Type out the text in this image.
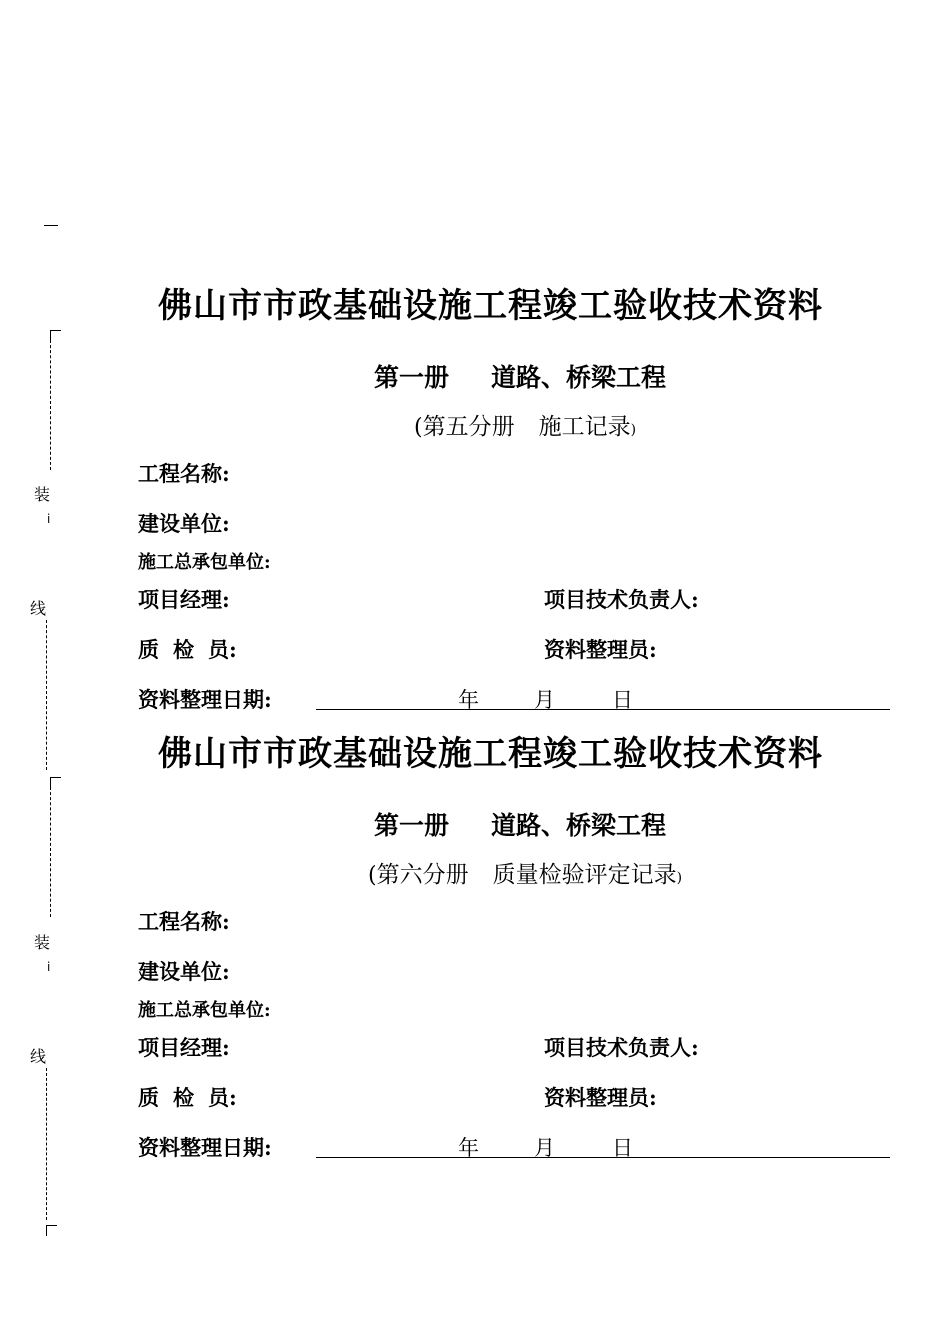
装
i
线
装
i
线
佛山市市政基础设施工程竣工验收技术资料
第一册 道路、桥梁工程
(第五分册 施工记录)
工程名称:
建设单位:
施工总承包单位:
项目经理:	项目技术负责人:
质 检 员:	资料整理员:
资料整理日期:	年	月	日
佛山市市政基础设施工程竣工验收技术资料
第一册 道路、桥梁工程
(第六分册 质量检验评定记录)
工程名称:
建设单位:
施工总承包单位:
项目经理:	项目技术负责人:
质 检 员:	资料整理员:
资料整理日期:	年	月	日
